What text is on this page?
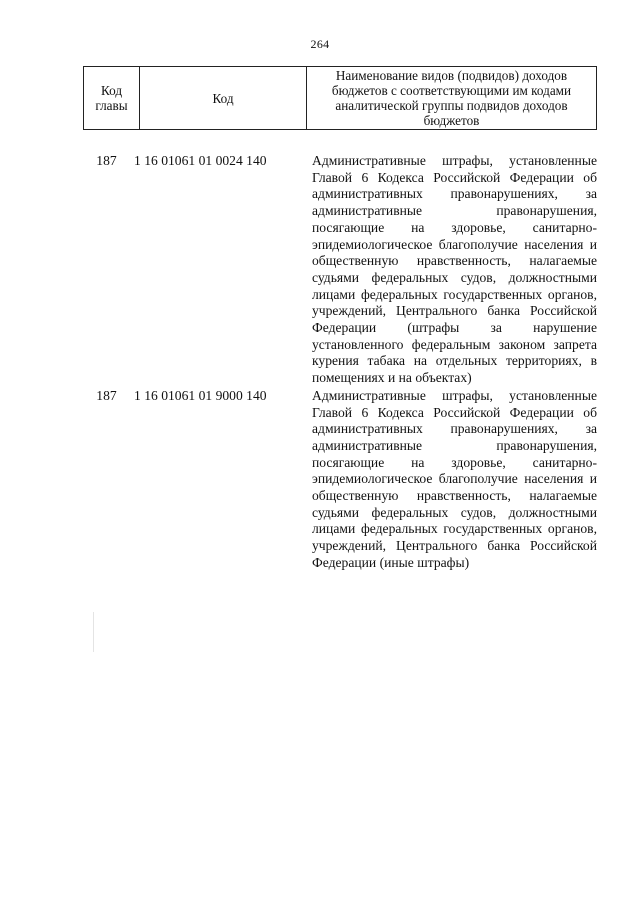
264
Код главы	Код	Наименование видов (подвидов) доходов бюджетов с соответствующими им кодами аналитической группы подвидов доходов бюджетов
187	1 16 01061 01 0024 140	Административные штрафы, установленные Главой 6 Кодекса Российской Федерации об административных правонарушениях, за административные правонарушения, посягающие на здоровье, санитарно-эпидемиологическое благополучие населения и общественную нравственность, налагаемые судьями федеральных судов, должностными лицами федеральных государственных органов, учреждений, Центрального банка Российской Федерации (штрафы за нарушение установленного федеральным законом запрета курения табака на отдельных территориях, в помещениях и на объектах)
187	1 16 01061 01 9000 140	Административные штрафы, установленные Главой 6 Кодекса Российской Федерации об административных правонарушениях, за административные правонарушения, посягающие на здоровье, санитарно-эпидемиологическое благополучие населения и общественную нравственность, налагаемые судьями федеральных судов, должностными лицами федеральных государственных органов, учреждений, Центрального банка Российской Федерации (иные штрафы)
